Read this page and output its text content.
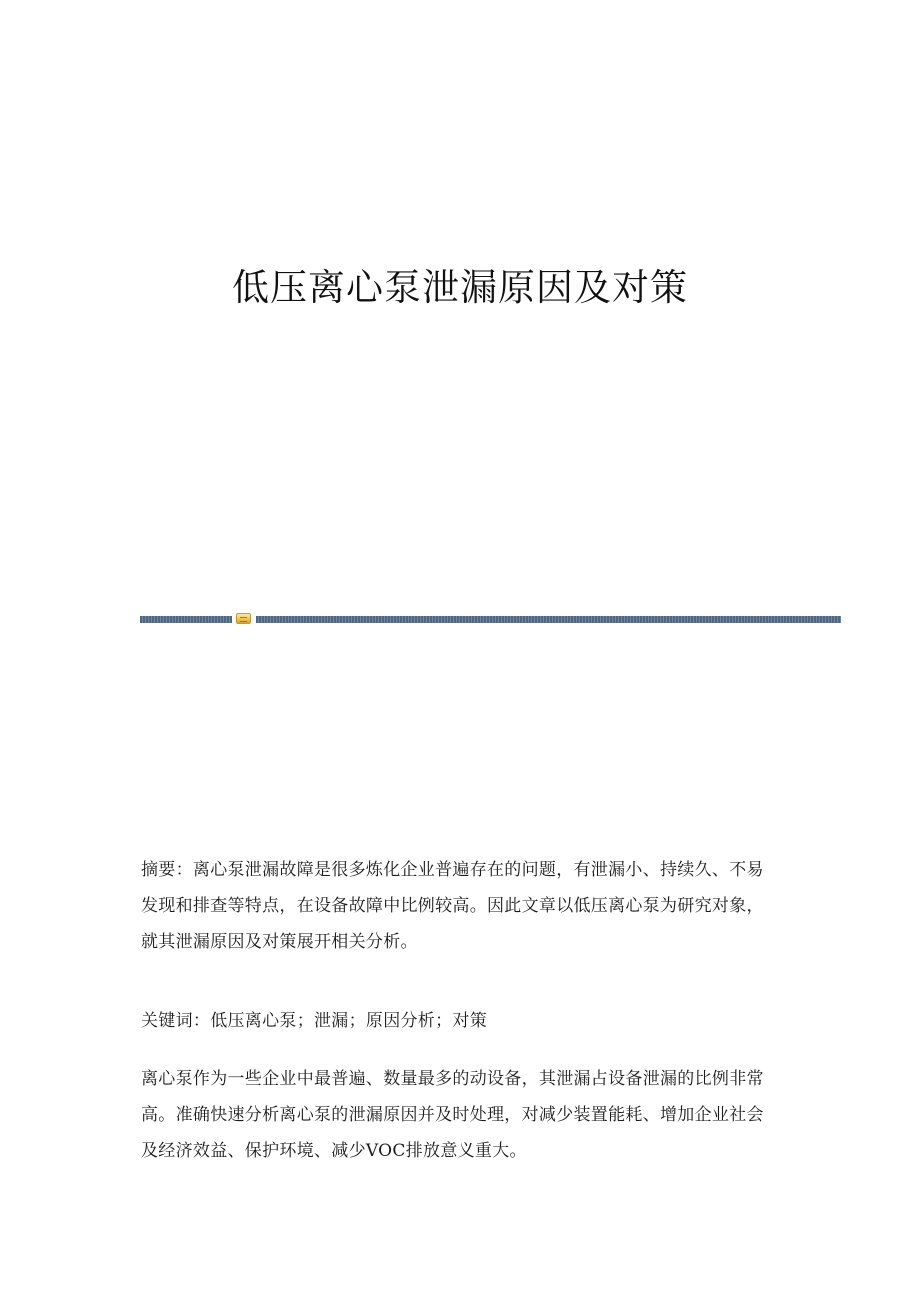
低压离心泵泄漏原因及对策

摘要：离心泵泄漏故障是很多炼化企业普遍存在的问题，有泄漏小、持续久、不易发现和排查等特点，在设备故障中比例较高。因此文章以低压离心泵为研究对象，就其泄漏原因及对策展开相关分析。

关键词：低压离心泵；泄漏；原因分析；对策

离心泵作为一些企业中最普遍、数量最多的动设备，其泄漏占设备泄漏的比例非常高。准确快速分析离心泵的泄漏原因并及时处理，对减少装置能耗、增加企业社会及经济效益、保护环境、减少VOC排放意义重大。
